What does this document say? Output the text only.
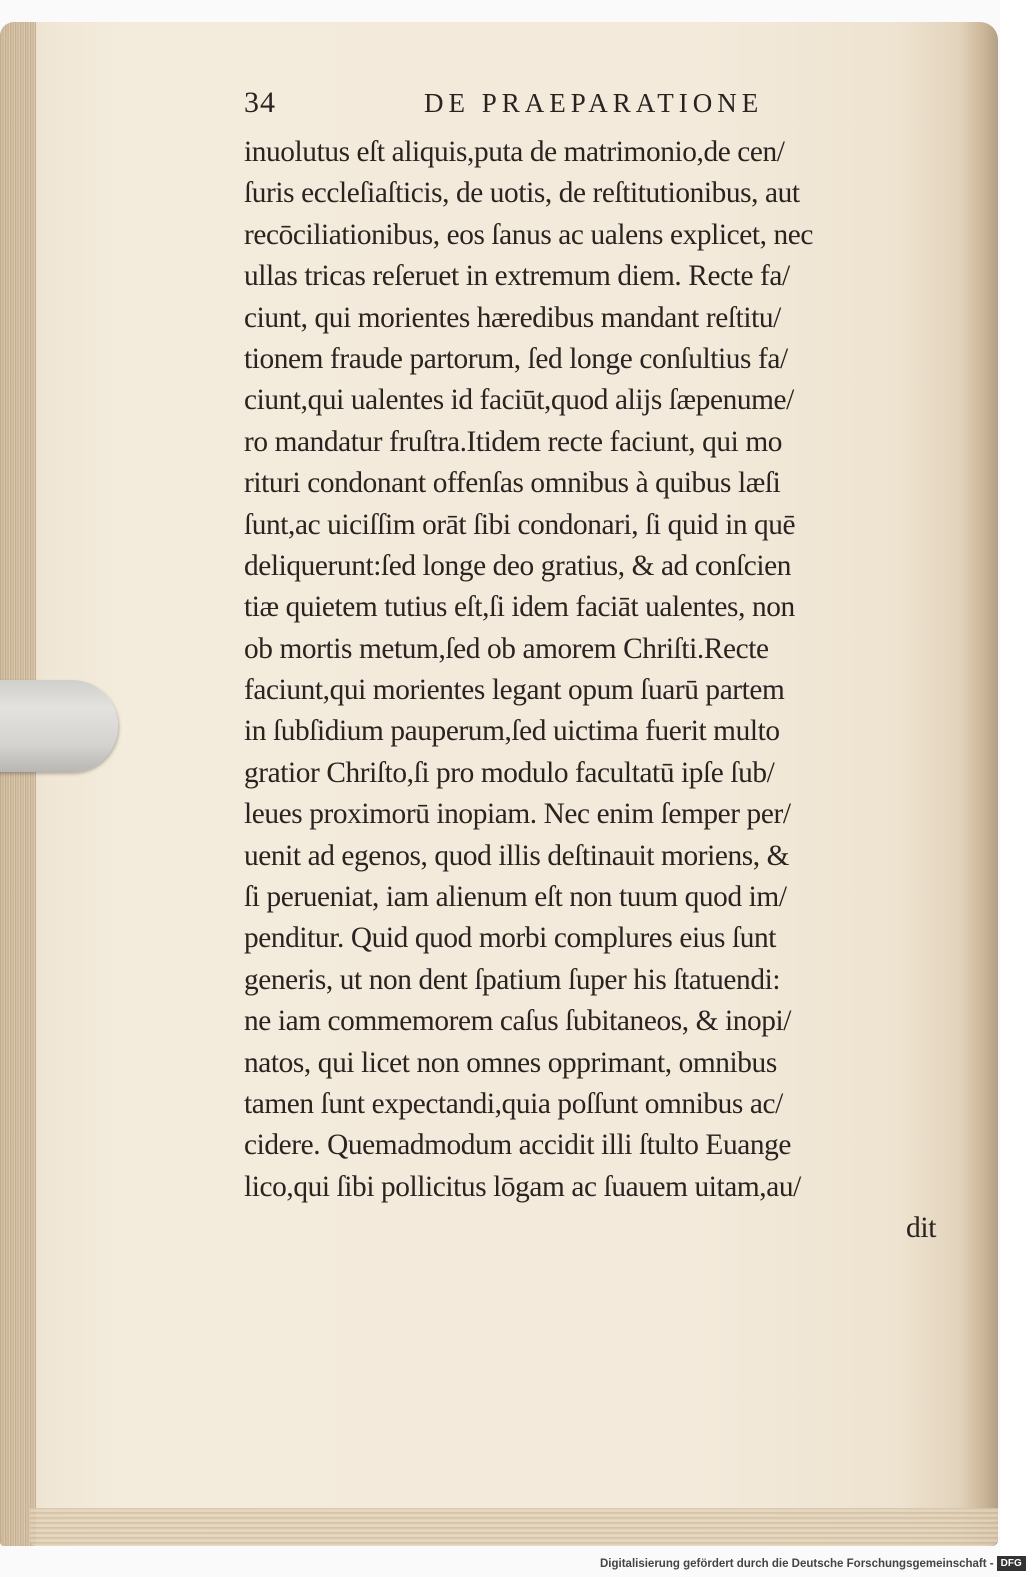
34	DE PRAEPARATIONE
inuolutus eſt aliquis,puta de matrimonio,de cen/
ſuris eccleſiaſticis, de uotis, de reſtitutionibus, aut
recōciliationibus, eos ſanus ac ualens explicet, nec
ullas tricas reſeruet in extremum diem. Recte fa/
ciunt, qui morientes hæredibus mandant reſtitu/
tionem fraude partorum, ſed longe conſultius fa/
ciunt,qui ualentes id faciūt,quod alijs ſæpenume/
ro mandatur fruſtra.Itidem recte faciunt, qui mo
rituri condonant offenſas omnibus à quibus læſi
ſunt,ac uiciſſim orāt ſibi condonari, ſi quid in quē
deliquerunt:ſed longe deo gratius, & ad conſcien
tiæ quietem tutius eſt,ſi idem faciāt ualentes, non
ob mortis metum,ſed ob amorem Chriſti.Recte
faciunt,qui morientes legant opum ſuarū partem
in ſubſidium pauperum,ſed uictima fuerit multo
gratior Chriſto,ſi pro modulo facultatū ipſe ſub/
leues proximorū inopiam. Nec enim ſemper per/
uenit ad egenos, quod illis deſtinauit moriens, &
ſi perueniat, iam alienum eſt non tuum quod im/
penditur. Quid quod morbi complures eius ſunt
generis, ut non dent ſpatium ſuper his ſtatuendi:
ne iam commemorem caſus ſubitaneos, & inopi/
natos, qui licet non omnes opprimant, omnibus
tamen ſunt expectandi,quia poſſunt omnibus ac/
cidere. Quemadmodum accidit illi ſtulto Euange
lico,qui ſibi pollicitus lōgam ac ſuauem uitam,au/
dit
Digitalisierung gefördert durch die Deutsche Forschungsgemeinschaft - DFG
